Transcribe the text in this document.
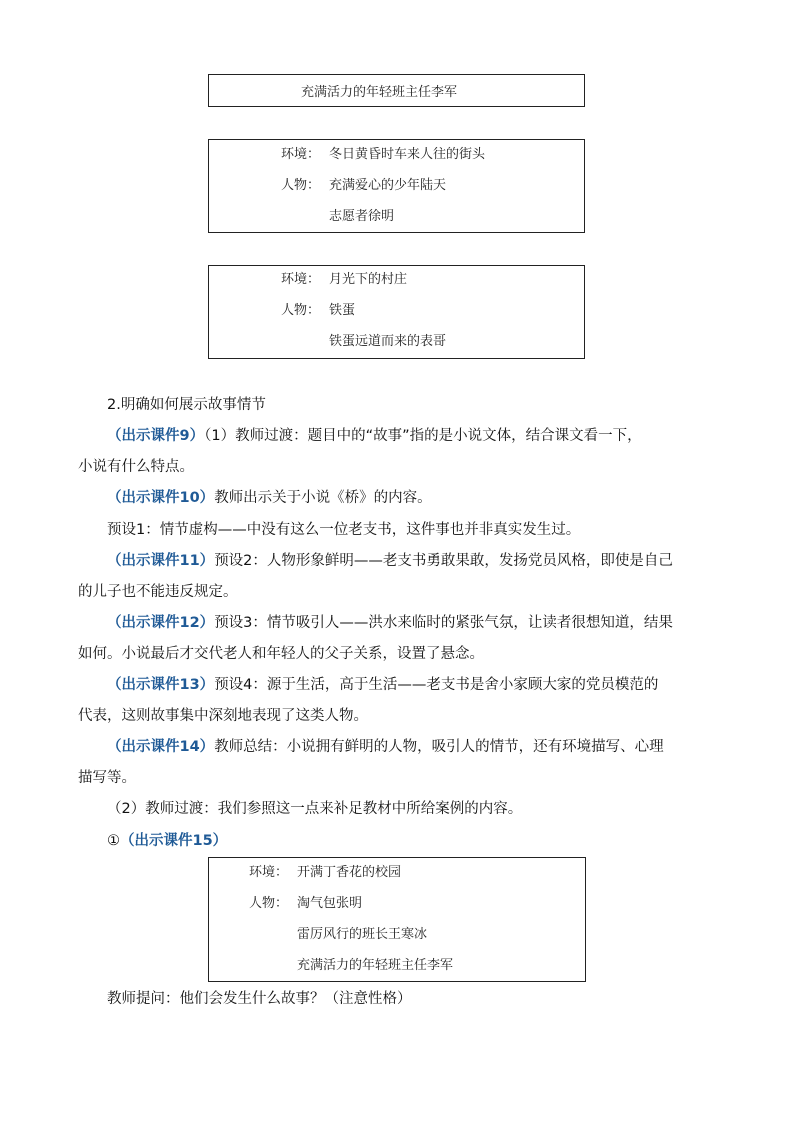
充满活力的年轻班主任李军
环境： 冬日黄昏时车来人往的街头
人物： 充满爱心的少年陆天
志愿者徐明
环境： 月光下的村庄
人物： 铁蛋
铁蛋远道而来的表哥
2.明确如何展示故事情节
（出示课件9）（1）教师过渡：题目中的“故事”指的是小说文体，结合课文看一下，
小说有什么特点。
（出示课件10）教师出示关于小说《桥》的内容。
预设1：情节虚构——中没有这么一位老支书，这件事也并非真实发生过。
（出示课件11）预设2：人物形象鲜明——老支书勇敢果敢，发扬党员风格，即使是自己
的儿子也不能违反规定。
（出示课件12）预设3：情节吸引人——洪水来临时的紧张气氛，让读者很想知道，结果
如何。小说最后才交代老人和年轻人的父子关系，设置了悬念。
（出示课件13）预设4：源于生活，高于生活——老支书是舍小家顾大家的党员模范的
代表，这则故事集中深刻地表现了这类人物。
（出示课件14）教师总结：小说拥有鲜明的人物，吸引人的情节，还有环境描写、心理
描写等。
（2）教师过渡：我们参照这一点来补足教材中所给案例的内容。
①（出示课件15）
教师提问：他们会发生什么故事？（注意性格）
环境： 开满丁香花的校园
人物： 淘气包张明
雷厉风行的班长王寒冰
充满活力的年轻班主任李军
